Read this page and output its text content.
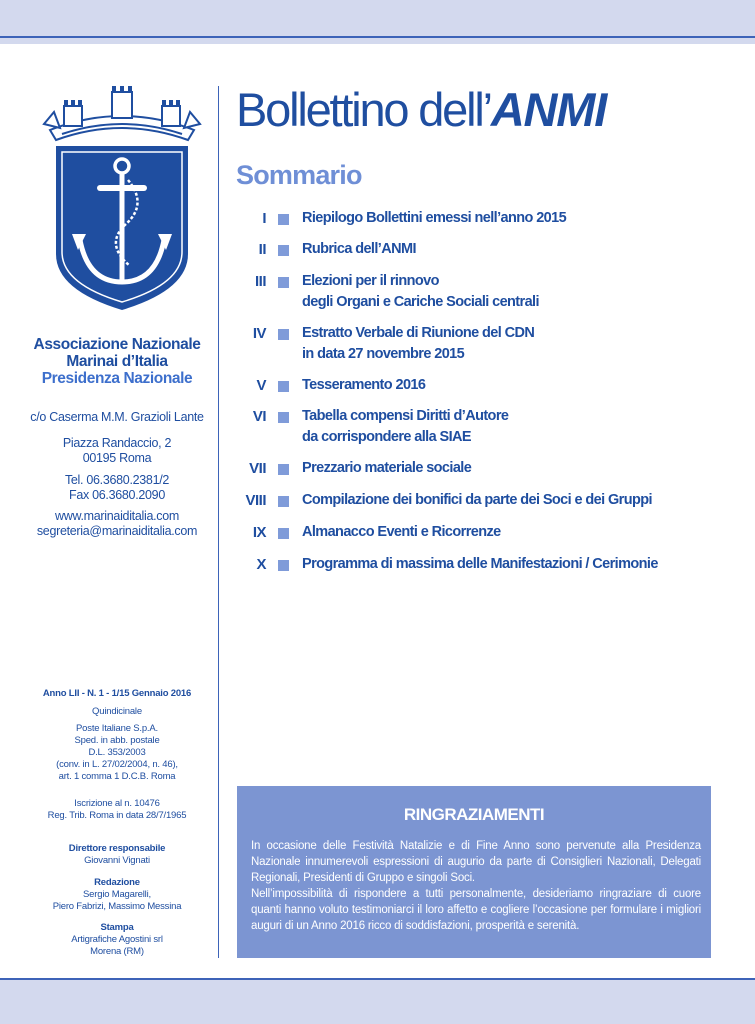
Associazione Nazionale
Marinai d’Italia
Presidenza Nazionale
c/o Caserma M.M. Grazioli Lante
Piazza Randaccio, 2
00195 Roma
Tel. 06.3680.2381/2
Fax 06.3680.2090
www.marinaiditalia.com
segreteria@marinaiditalia.com
Anno LII - N. 1 - 1/15 Gennaio 2016
Quindicinale
Poste Italiane S.p.A.
Sped. in abb. postale
D.L. 353/2003
(conv. in L. 27/02/2004, n. 46),
art. 1 comma 1 D.C.B. Roma
Iscrizione al n. 10476
Reg. Trib. Roma in data 28/7/1965
Direttore responsabile
Giovanni Vignati
Redazione
Sergio Magarelli,
Piero Fabrizi, Massimo Messina
Stampa
Artigrafiche Agostini srl
Morena (RM)
Bollettino dell’ANMI
Sommario
I Riepilogo Bollettini emessi nell’anno 2015
II Rubrica dell’ANMI
III Elezioni per il rinnovo
degli Organi e Cariche Sociali centrali
IV Estratto Verbale di Riunione del CDN
in data 27 novembre 2015
V Tesseramento 2016
VI Tabella compensi Diritti d’Autore
da corrispondere alla SIAE
VII Prezzario materiale sociale
VIII Compilazione dei bonifici da parte dei Soci e dei Gruppi
IX Almanacco Eventi e Ricorrenze
X Programma di massima delle Manifestazioni / Cerimonie
RINGRAZIAMENTI
In occasione delle Festività Natalizie e di Fine Anno sono pervenute alla Presidenza Nazionale innumerevoli espressioni di augurio da parte di Consiglieri Nazionali, Delegati Regionali, Presidenti di Gruppo e singoli Soci.
Nell’impossibilità di rispondere a tutti personalmente, desideriamo ringraziare di cuore quanti hanno voluto testimoniarci il loro affetto e cogliere l’occasione per formulare i migliori auguri di un Anno 2016 ricco di soddisfazioni, prosperità e serenità.
